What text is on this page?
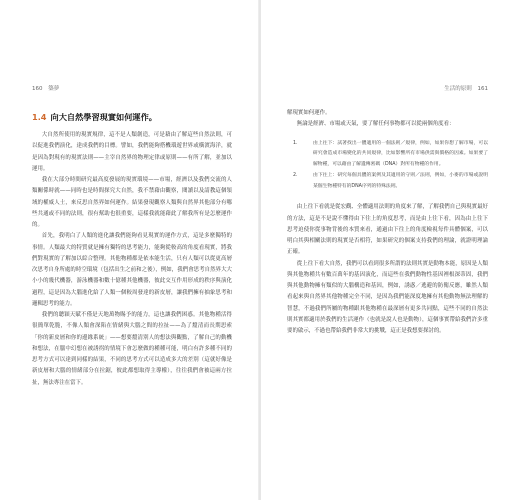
160 築夢
1.4 向大自然學習現實如何運作。

大自然所使用的現實規律，這不是人類創造，可是藉由了解這些自然法則，可以促進我們演化，達成我們的目標。譬如，我們能夠搭機環遊世界或橫渡海洋，就是因為對現有的現實法則——主宰自然界的物理定律或原則——有所了解，並加以運用。

我在大部分時間研究最高度發展的現實環境——市場，經濟以及我們交流的人類關係時就——同時也是時間探究大自然，我不禁藉由觀察，閱讀以及請教這個領域的權威人士，來反思自然界如何運作。結果發現觀察人類與自然界其他部分有哪些共通或不同的法則，很有幫助也很重要，這樣我就能藉此了解我所有是怎麼運作的。

首先，我明白了人類的進化讓我們能夠看見現實的運作方式，這是多麼獨特的事情。人類最大的特質就是擁有獨特的思考能力，能夠從較高的角度看現實，將我們對現實的了解加以綜合整理。其他物種都是依本能生活，只有人類可以從更高層次思考自身所處的時空環境（包括出生之前和之後），例如，我們會思考自然界大大小小的幾代機器，游泳機器和數十億種其他機器，彼此交互作用形成的秩序與演化過程，這是因為大腦進化給了人類一個較周發達的新皮層，讓我們擁有抽象思考和邏輯思考的能力。

我們的聰穎天賦不僅是天地萬物賜予的能力，這也讓我們困惑。其他物種活得很簡單乾脆，不像人類會深陷在情緒與大腦之間的拉扯——為了釐清而長期思索「你的新皮層和你的邊緣系統」——想要釐清別人的想法與觀點，了解自己的動機和想法，在腦中幻想在被誘拐的情境下會怎麼做的種種可能，明白有許多種不同的思考方式可以達到同樣的結果，不同的思考方式可以造成多大的差別（這就好像是新皮層和大腦的情緒部分在拉鋸，彼此都想取得主導權），往往我們會被這兩方拉扯，無法專注在當下。

生活的原則 161

解現實如何運作。

無論是經濟、市場或天氣，要了解任何事物都可以從兩個角度看：

1.	由上往下：試著找出一體適用的一個法則／規律，例如，如果你想了解市場，可以研究會造成市場變化的共同規律，比如影響所有市場供需與價格的因素。如果要了解物種，可以藉由了解遺傳密碼（DNA）對所有物種的作用。
2.	由下往上：研究每個具體的案例及其適用的守則／法則，例如，小麥的市場或說明某個生物種特有的DNA序列的特殊法則。

由上往下看就是從宏觀、全體適用法則的角度來了解，了解我們自己與現實最好的方法，這是不是說不懂得由下往上的角度思考，而是由上往下看，因為由上往下思考迫使你從事物背後的本質來看，通過由下往上的角度檢視每件具體個案，可以明白其與相關法則的現實是否相符，如果研究的個案支持我們的理論，就證明理論正確。

從上往下看大自然，我們可以看到很多所謂的法則其實是動物本能，原因是人類與其他物種共有數百萬年的基因演化，而這些在我們動物性基因裡根深蒂固，我們與其他動物擁有類似的大腦構造和基因，例如，誘惑／逃避的防衛反應，雖然人類看起來與自然界其他物種完全不同，是因為我們能深度地擁有其他動物無法理解的智慧，不過我們所屬的物種跟其他物種在最深層有更多共同點，這些不同的自然法則其實都適用於我們的生活運作（也就是說人也是動物），這個事實帶給我們許多重要的啟示，不過也帶給我們非常大的挑戰，這正是我想要探討的。
